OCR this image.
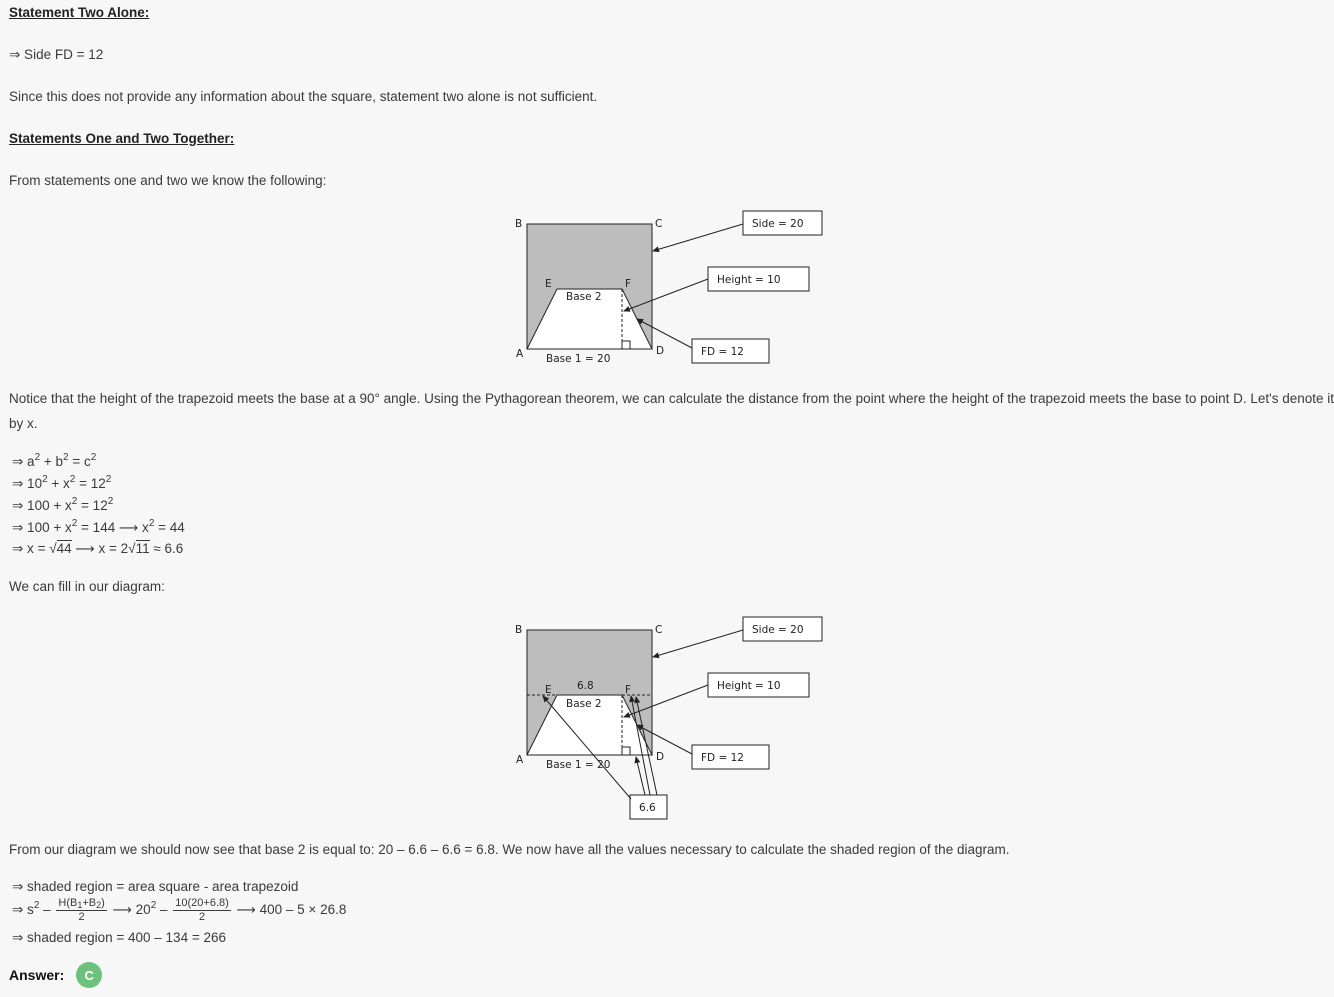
Statement Two Alone:
⇒ Side FD = 12
Since this does not provide any information about the square, statement two alone is not sufficient.
Statements One and Two Together:
From statements one and two we know the following:
B	C
A	D
E	F
Base 2
Base 1 = 20
Side = 20
Height = 10
FD = 12
Notice that the height of the trapezoid meets the base at a 90° angle. Using the Pythagorean theorem, we can calculate the distance from the point where the height of the trapezoid meets the base to point D. Let's denote it
by x.
⇒ $a^2 + b^2 = c^2$
⇒ $10^2 + x^2 = 12^2$
⇒ $100 + x^2 = 12^2$
⇒ $100 + x^2 = 144$ ⟶ $x^2 = 44$
⇒ x = √44 ⟶ x = 2√11 ≈ 6.6
We can fill in our diagram:
B	C
A	D
E	F
6.8
Base 2
Base 1 = 20
Side = 20
Height = 10
FD = 12
6.6
From our diagram we should now see that base 2 is equal to: 20 – 6.6 – 6.6 = 6.8. We now have all the values necessary to calculate the shaded region of the diagram.
⇒ shaded region = area square - area trapezoid
⇒ $s^2 - \frac{H(B_1+B_2)}{2}$ ⟶ $20^2 - \frac{10(20+6.8)}{2}$ ⟶ 400 – 5 × 26.8
⇒ shaded region = 400 – 134 = 266
Answer:	C
